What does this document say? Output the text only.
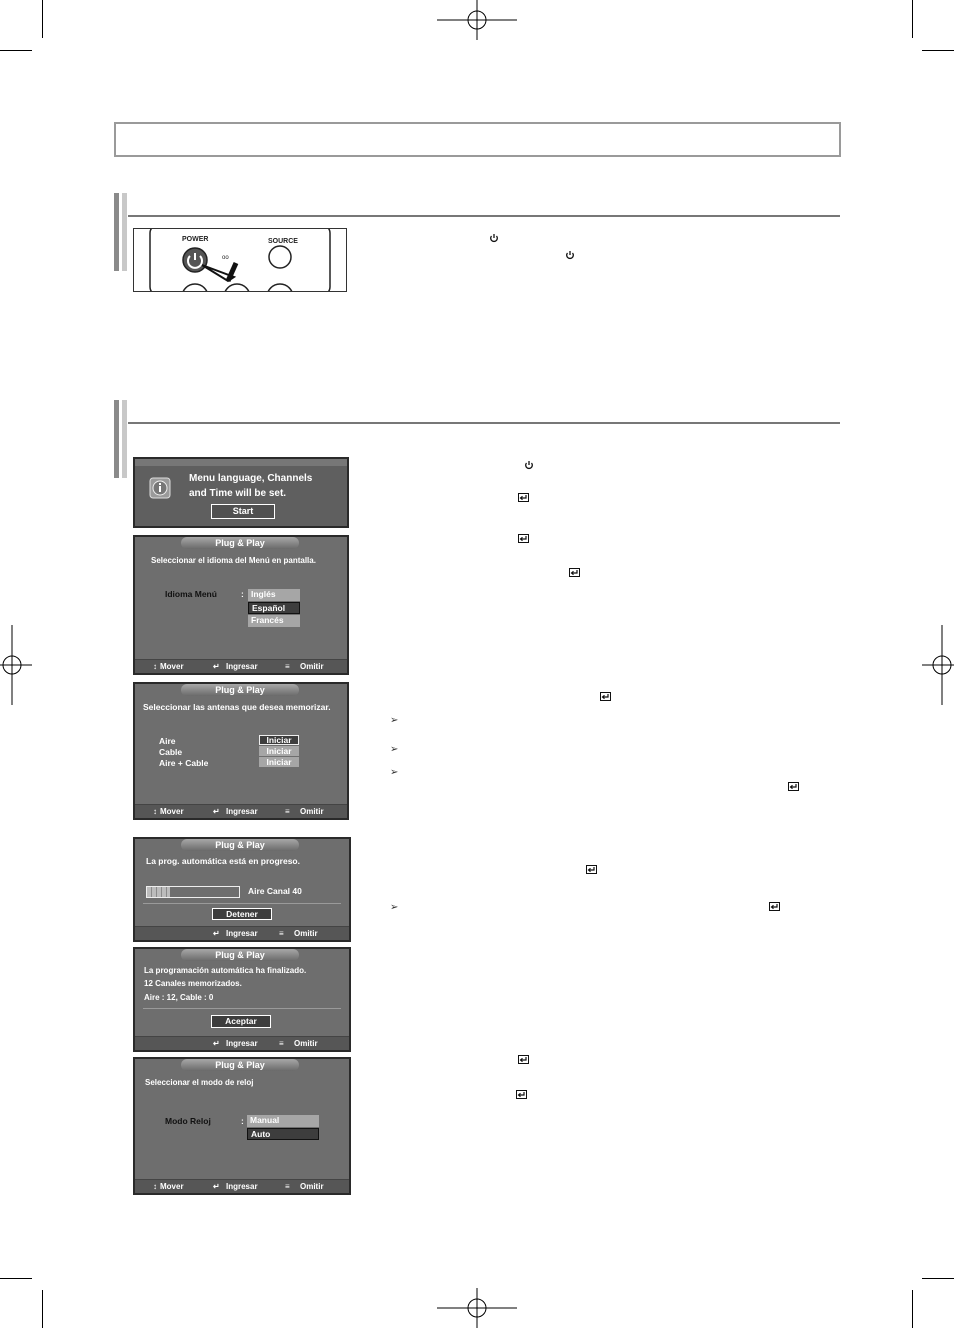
oo
POWER	SOURCE
Menu language, Channels
and Time will be set.
Start
Plug & Play
Seleccionar el idioma del Menú en pantalla.
Idioma Menú	: Inglés
Español
Francés
↕ Mover	↵ Ingresar	≡ Omitir
Plug & Play
Seleccionar las antenas que desea memorizar.
Aire
Cable
Aire + Cable
Iniciar
Iniciar
Iniciar
↕ Mover	↵ Ingresar	≡ Omitir
Plug & Play
La prog. automática está en progreso.
Aire Canal 40
Detener
↵ Ingresar	≡ Omitir
Plug & Play
La programación automática ha finalizado.
12 Canales memorizados.
Aire : 12, Cable : 0
Aceptar
↵ Ingresar	≡ Omitir
Plug & Play
Seleccionar el modo de reloj
Modo Reloj	: Manual
Auto
↕ Mover	↵ Ingresar	≡ Omitir
➢
➢
➢
➢
